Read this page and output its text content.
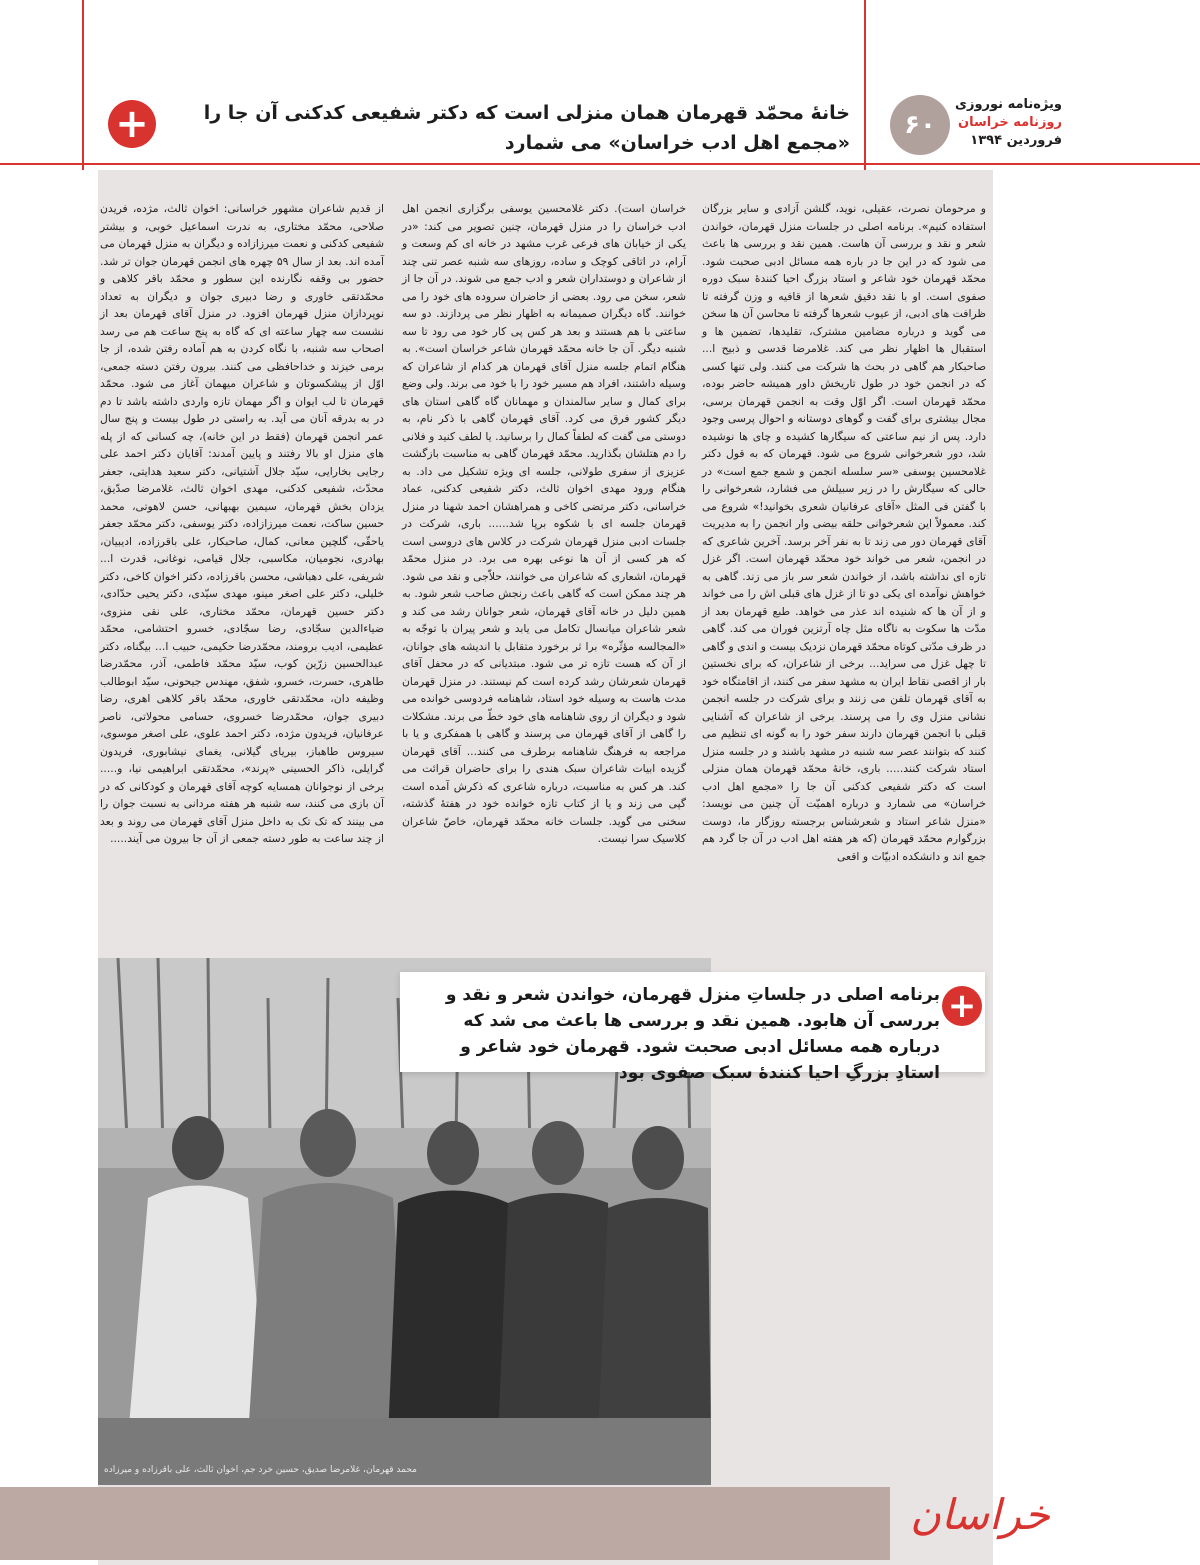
+	خانۀ محمّد قهرمان همان منزلی است که دکتر شفیعی کدکنی آن جا را «مجمع اهل ادب خراسان» می شمارد
۶۰
ویژه‌نامه نوروزی
روزنامه خراسان
فروردین ۱۳۹۴

و مرحومان نصرت، عقیلی، نوید، گلشن آزادی و سایر بزرگان استفاده کنیم». برنامه اصلی در جلسات منزل قهرمان، خواندن شعر و نقد و بررسی آن هاست. همین نقد و بررسی ها باعث می شود که در این جا در باره همه مسائل ادبی صحبت شود. محمّد قهرمان خود شاعر و استاد بزرگ احیا کنندۀ سبک دوره صفوی است. او با نقد دقیق شعرها از قافیه و وزن گرفته تا ظرافت های ادبی، از عیوب شعرها گرفته تا محاسن آن ها سخن می گوید و درباره مضامین مشترک، تقلیدها، تضمین ها و استقبال ها اظهار نظر می کند. غلامرضا قدسی و ذبیح ا... صاحبکار هم گاهی در بحث ها شرکت می کنند. ولی تنها کسی که در انجمن خود در طول تاریخش داور همیشه حاضر بوده، محمّد قهرمان است. اگر اوّل وقت به انجمن قهرمان برسی، مجال بیشتری برای گفت و گوهای دوستانه و احوال پرسی وجود دارد. پس از نیم ساعتی که سیگارها کشیده و چای ها نوشیده شد، دور شعرخوانی شروع می شود. قهرمان که به قول دکتر غلامحسین یوسفی «سر سلسله انجمن و شمع جمع است» در حالی که سیگارش را در زیر سبیلش می فشارد، شعرخوانی را با گفتن فی المثل «آقای عرفانیان شعری بخوانید!» شروع می کند. معمولاً این شعرخوانی حلقه بیضی وار انجمن را به مدیریت آقای قهرمان دور می زند تا به نفر آخر برسد. آخرین شاعری که در انجمن، شعر می خواند خود محمّد قهرمان است. اگر غزل تازه ای نداشته باشد، از خواندن شعر سر باز می زند. گاهی به خواهش نوآمده ای یکی دو تا از غزل های قبلی اش را می خواند و از آن ها که شنیده اند عذر می خواهد. طبع قهرمان بعد از مدّت ها سکوت به ناگاه مثل چاه آرتزین فوران می کند. گاهی در ظرف مدّتی کوتاه محمّد قهرمان نزدیک بیست و اندی و گاهی تا چهل غزل می سراید... برخی از شاعران، که برای نخستین بار از اقصی نقاط ایران به مشهد سفر می کنند، از اقامتگاه خود به آقای قهرمان تلفن می زنند و برای شرکت در جلسه انجمن نشانی منزل وی را می پرسند. برخی از شاعران که آشنایی قبلی با انجمن قهرمان دارند سفر خود را به گونه ای تنظیم می کنند که بتوانند عصر سه شنبه در مشهد باشند و در جلسه منزل استاد شرکت کنند..... باری، خانۀ محمّد قهرمان همان منزلی است که دکتر شفیعی کدکنی آن جا را «مجمع اهل ادب خراسان» می شمارد و درباره اهمیّت آن چنین می نویسد: «منزل شاعر استاد و شعرشناس برجسته روزگار ما، دوست بزرگوارم محمّد قهرمان (که هر هفته اهل ادب در آن جا گرد هم جمع اند و دانشکده ادبیّات و اقعی

خراسان است). دکتر غلامحسین یوسفی برگزاری انجمن اهل ادب خراسان را در منزل قهرمان، چنین تصویر می کند: «در یکی از خیابان های فرعی غرب مشهد در خانه ای کم وسعت و آرام، در اتاقی کوچک و ساده، روزهای سه شنبه عصر تنی چند از شاعران و دوستداران شعر و ادب جمع می شوند. در آن جا از شعر، سخن می رود. بعضی از حاضران سروده های خود را می خوانند. گاه دیگران صمیمانه به اظهار نظر می پردازند. دو سه ساعتی با هم هستند و بعد هر کس پی کار خود می رود تا سه شنبه دیگر. آن جا خانه محمّد قهرمان شاعر خراسان است». به هنگام اتمام جلسه منزل آقای قهرمان هر کدام از شاعران که وسیله داشتند، افراد هم مسیر خود را با خود می برند. ولی وضع برای کمال و سایر سالمندان و مهمانان گاه گاهی استان های دیگر کشور فرق می کرد. آقای قهرمان گاهی با ذکر نام، به دوستی می گفت که لطفاً کمال را برسانید. یا لطف کنید و فلانی را دم هتلشان بگذارید. محمّد قهرمان گاهی به مناسبت بازگشت عزیزی از سفری طولانی، جلسه ای ویژه تشکیل می داد. به هنگام ورود مهدی اخوان ثالث، دکتر شفیعی کدکنی، عماد خراسانی، دکتر مرتضی کاخی و همراهشان احمد شهنا در منزل قهرمان جلسه ای با شکوه برپا شد...... باری، شرکت در جلسات ادبی منزل قهرمان شرکت در کلاس های دروسی است که هر کسی از آن ها نوعی بهره می برد. در منزل محمّد قهرمان، اشعاری که شاعران می خوانند، حلاّجی و نقد می شود. هر چند ممکن است که گاهی باعث رنجش صاحب شعر شود. به همین دلیل در خانه آقای قهرمان، شعر جوانان رشد می کند و شعر شاعران میانسال تکامل می یابد و شعر پیران با توجّه به «المجالسه مؤثّره» برا ثر برخورد متقابل با اندیشه های جوانان، از آن که هست تازه تر می شود. مبتدیانی که در محفل آقای قهرمان شعرشان رشد کرده است کم نیستند. در منزل قهرمان مدت هاست به وسیله خود استاد، شاهنامه فردوسی خوانده می شود و دیگران از روی شاهنامه های خود خطّ می برند. مشکلات را گاهی از آقای قهرمان می پرسند و گاهی با همفکری و یا با مراجعه به فرهنگ شاهنامه برطرف می کنند... آقای قهرمان گزیده ابیات شاعران سبک هندی را برای حاضران قرائت می کند. هر کس به مناسبت، درباره شاعری که ذکرش آمده است گپی می زند و یا از کتاب تازه خوانده خود در هفتۀ گذشته، سخنی می گوید. جلسات خانه محمّد قهرمان، خاصّ شاعران کلاسیک سرا نیست.

از قدیم شاعران مشهور خراسانی: اخوان ثالث، مژده، فریدن صلاحی، محمّد مختاری، به ندرت اسماعیل خوبی، و بیشتر شفیعی کدکنی و نعمت میرزازاده و دیگران به منزل قهرمان می آمده اند. بعد از سال ۵۹ چهره های انجمن قهرمان جوان تر شد. حضور بی وقفه نگارنده این سطور و محمّد باقر کلاهی و محمّدتقی خاوری و رضا دبیری جوان و دیگران به تعداد نوپردازان منزل قهرمان افزود. در منزل آقای قهرمان بعد از نشست سه چهار ساعته ای که گاه به پنج ساعت هم می رسد اصحاب سه شنبه، با نگاه کردن به هم آماده رفتن شده، از جا برمی خیزند و خداحافظی می کنند. بیرون رفتن دسته جمعی، اوّل از پیشکسوتان و شاعران میهمان آغاز می شود. محمّد قهرمان تا لب ایوان و اگر مهمان تازه واردی داشته باشد تا دم در به بدرقه آنان می آید. به راستی در طول بیست و پنج سال عمر انجمن قهرمان (فقط در این خانه)، چه کسانی که از پله های منزل او بالا رفتند و پایین آمدند: آقایان دکتر احمد علی رجایی بخارایی، سیّد جلال آشتیانی، دکتر سعید هدایتی، جعفر محدّث، شفیعی کدکنی، مهدی اخوان ثالث، غلامرضا صدّیق، یزدان بخش قهرمان، سیمین بهبهانی، حسن لاهوتی، محمد حسین ساکت، نعمت میرزازاده، دکتر یوسفی، دکتر محمّد جعفر یاحقّی، گلچین معانی، کمال، صاحبکار، علی باقرزاده، ادیبیان، بهادری، نجومیان، مکاسبی، جلال قیامی، نوغانی، قدرت ا... شریفی، علی دهباشی، محسن باقرزاده، دکتر اخوان کاخی، دکتر خلیلی، دکتر علی اصغر مینو، مهدی سیّدی، دکتر یحیی حدّادی، دکتر حسین قهرمان، محمّد مختاری، علی نقی منزوی، ضیاءالدین سجّادی، رضا سجّادی، خسرو احتشامی، محمّد عظیمی، ادیب برومند، محمّدرضا حکیمی، حبیب ا... بیگناه، دکتر عبدالحسین زرّین کوب، سیّد محمّد فاطمی، آذر، محمّدرضا طاهری، حسرت، خسرو، شفق، مهندس جیحونی، سیّد ابوطالب وظیفه دان، محمّدتقی خاوری، محمّد باقر کلاهی اهری، رضا دبیری جوان، محمّدرضا خسروی، حسامی محولاتی، ناصر عرفانیان، فریدون مژده، دکتر احمد علوی، علی اصغر موسوی، سیروس طاهباز، بیریای گیلانی، یغمای نیشابوری، فریدون گرایلی، ذاکر الحسینی «پرند»، محمّدتقی ابراهیمی نیا، و..... برخی از نوجوانان همسایه کوچه آقای قهرمان و کودکانی که در آن بازی می کنند، سه شنبه هر هفته مردانی به نسبت جوان را می بینند که تک تک به داخل منزل آقای قهرمان می روند و بعد از چند ساعت به طور دسته جمعی از آن جا بیرون می آیند.....

برنامه اصلی در جلساتِ منزل قهرمان، خواندن شعر و نقد و بررسی آن هابود. همین نقد و بررسی ها باعث می شد که درباره همه مسائل ادبی صحبت شود. قهرمان خود شاعر و استادِ بزرگِ احیا کنندۀ سبک صفوی بود
+
محمد قهرمان، غلامرضا صدیق، حسین خرد جم، اخوان ثالث، علی باقرزاده و میرزاده
خراسان
